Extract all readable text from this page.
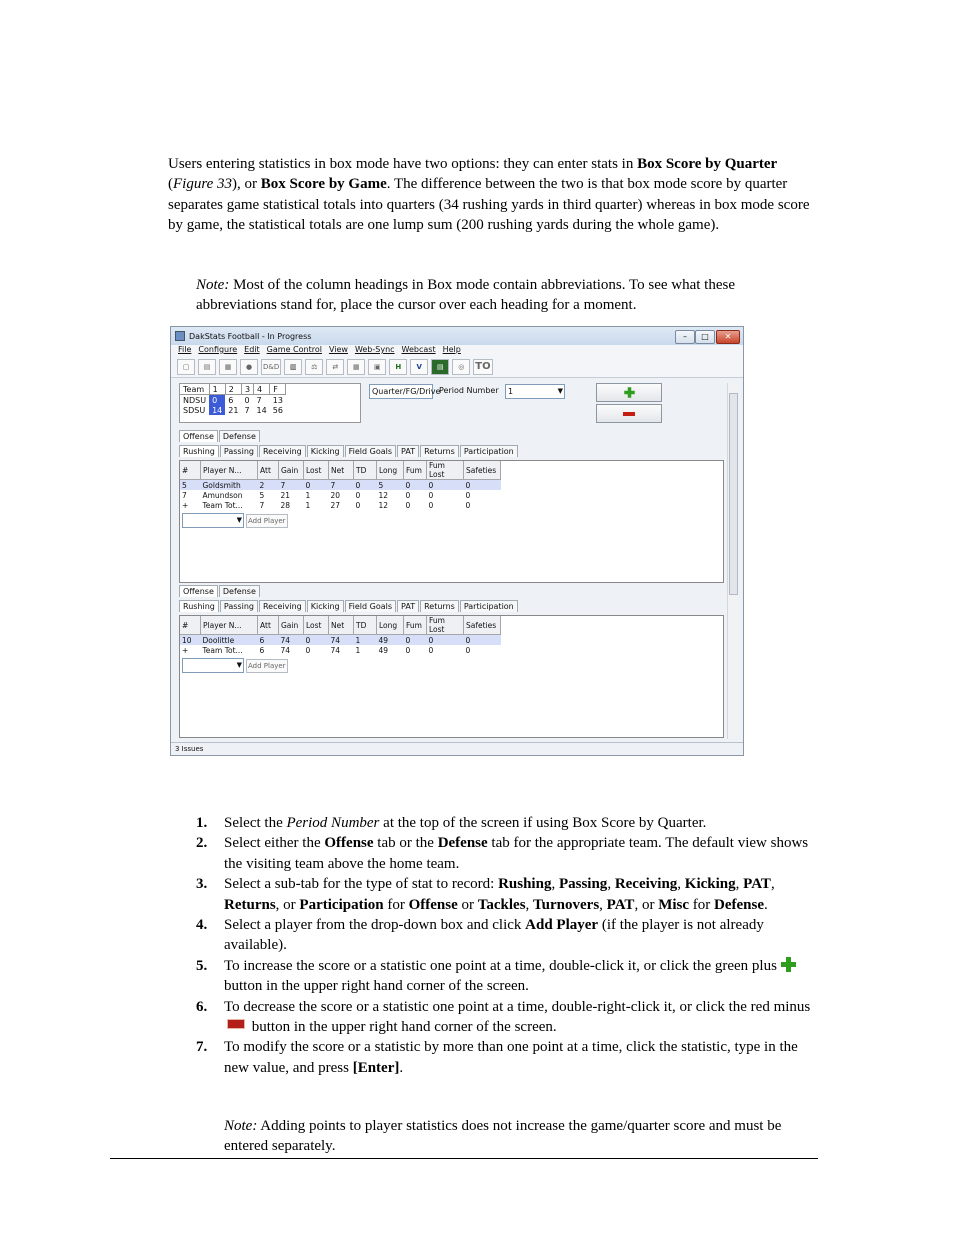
Users entering statistics in box mode have two options: they can enter stats in Box Score by Quarter (Figure 33), or Box Score by Game. The difference between the two is that box mode score by quarter separates game statistical totals into quarters (34 rushing yards in third quarter) whereas in box mode score by game, the statistical totals are one lump sum (200 rushing yards during the whole game).
Note: Most of the column headings in Box mode contain abbreviations. To see what these abbreviations stand for, place the cursor over each heading for a moment.
DakStats Football - In Progress	–	□	✕
File Configure Edit Game Control View Web-Sync Webcast Help
▢	▤	▦	●	D&D	▥	⚖	⇄	▦	▣	H	V	▤	◎	TO
Team	1	2	3	4	F
NDSU	0	6	0	7	13
SDSU	14	21	7	14	56
Quarter/FG/Drive
Period Number	1	▼
Offense	Defense
Rushing	Passing	Receiving	Kicking	Field Goals	PAT	Returns	Participation
#	Player N...	Att	Gain	Lost	Net	TD	Long	Fum	Fum Lost	Safeties
5	Goldsmith	2	7	0	7	0	5	0	0	0
7	Amundson	5	21	1	20	0	12	0	0	0
+	Team Tot...	7	28	1	27	0	12	0	0	0
▼ Add Player
Offense	Defense
Rushing	Passing	Receiving	Kicking	Field Goals	PAT	Returns	Participation
#	Player N...	Att	Gain	Lost	Net	TD	Long	Fum	Fum Lost	Safeties
10	Doolittle	6	74	0	74	1	49	0	0	0
+	Team Tot...	6	74	0	74	1	49	0	0	0
▼ Add Player
3 Issues
1. Select the Period Number at the top of the screen if using Box Score by Quarter.
2. Select either the Offense tab or the Defense tab for the appropriate team. The default view shows the visiting team above the home team.
3. Select a sub-tab for the type of stat to record: Rushing, Passing, Receiving, Kicking, PAT, Returns, or Participation for Offense or Tackles, Turnovers, PAT, or Misc for Defense.
4. Select a player from the drop-down box and click Add Player (if the player is not already available).
5. To increase the score or a statistic one point at a time, double-click it, or click the green plus  button in the upper right hand corner of the screen.
6. To decrease the score or a statistic one point at a time, double-right-click it, or click the red minus  button in the upper right hand corner of the screen.
7. To modify the score or a statistic by more than one point at a time, click the statistic, type in the new value, and press [Enter].
Note: Adding points to player statistics does not increase the game/quarter score and must be entered separately.
